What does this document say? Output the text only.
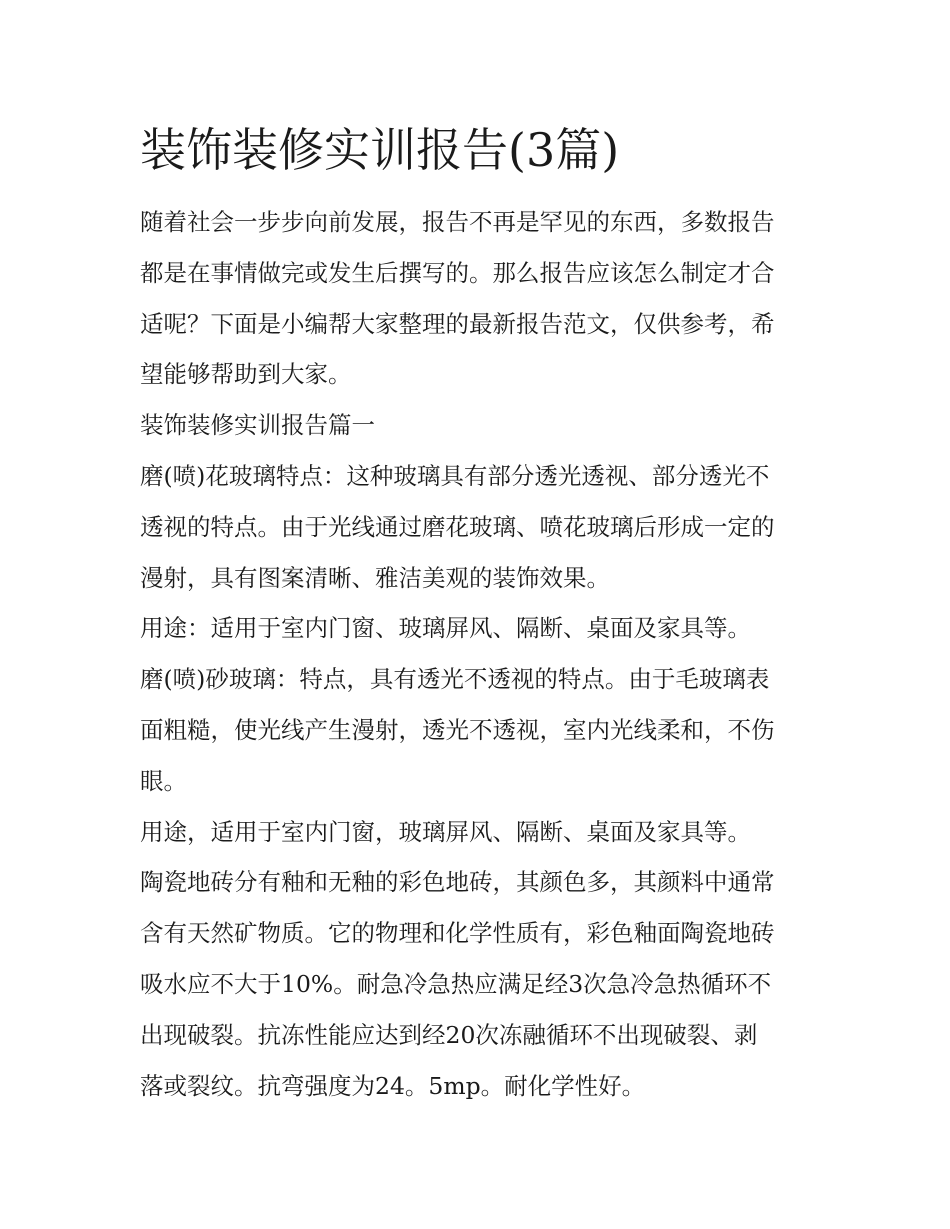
装饰装修实训报告(3篇)
随着社会一步步向前发展，报告不再是罕见的东西，多数报告
都是在事情做完或发生后撰写的。那么报告应该怎么制定才合
适呢？下面是小编帮大家整理的最新报告范文，仅供参考，希
望能够帮助到大家。
装饰装修实训报告篇一
磨(喷)花玻璃特点：这种玻璃具有部分透光透视、部分透光不
透视的特点。由于光线通过磨花玻璃、喷花玻璃后形成一定的
漫射，具有图案清晰、雅洁美观的装饰效果。
用途：适用于室内门窗、玻璃屏风、隔断、桌面及家具等。
磨(喷)砂玻璃：特点，具有透光不透视的特点。由于毛玻璃表
面粗糙，使光线产生漫射，透光不透视，室内光线柔和，不伤
眼。
用途，适用于室内门窗，玻璃屏风、隔断、桌面及家具等。
陶瓷地砖分有釉和无釉的彩色地砖，其颜色多，其颜料中通常
含有天然矿物质。它的物理和化学性质有，彩色釉面陶瓷地砖
吸水应不大于10%。耐急冷急热应满足经3次急冷急热循环不
出现破裂。抗冻性能应达到经20次冻融循环不出现破裂、剥
落或裂纹。抗弯强度为24。5mp。耐化学性好。
